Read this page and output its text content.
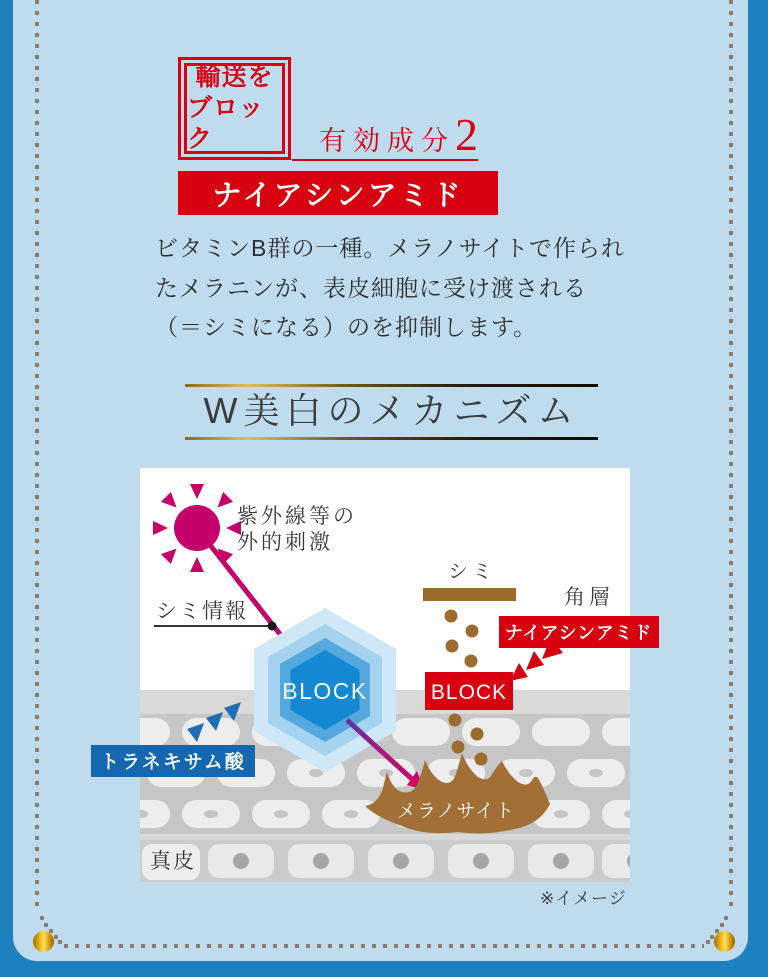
輸送を
ブロック	有効成分 2
ナイアシンアミド
ビタミンB群の一種。メラノサイトで作られ
たメラニンが、表皮細胞に受け渡される
（＝シミになる）のを抑制します。
W美白のメカニズム
BLOCK
トラネキサム酸
BLOCK
ナイアシンアミド
メラノサイト
紫外線等の
外的刺激
シミ情報
シミ
角層
真皮
※イメージ
